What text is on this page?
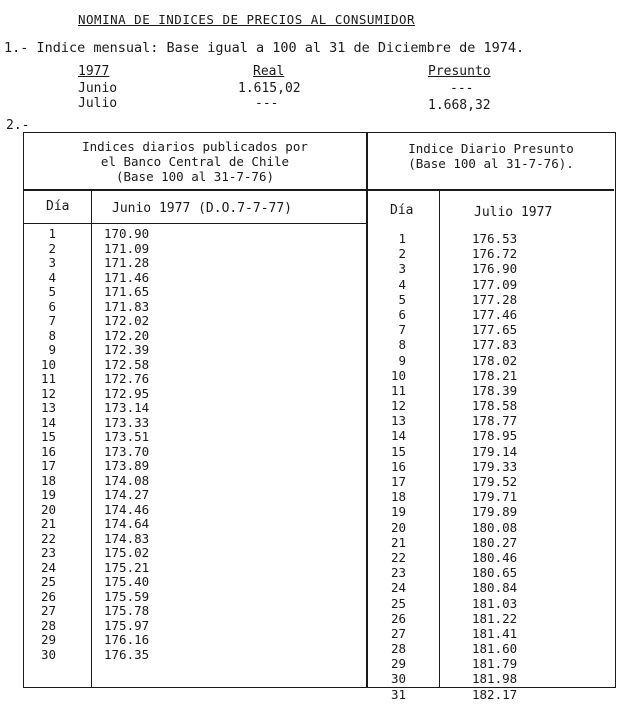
NOMINA DE INDICES DE PRECIOS AL CONSUMIDOR
1.- Indice mensual: Base igual a 100 al 31 de Diciembre de 1974.
1977	Real	Presunto
Junio	1.615,02	---
Julio	---	1.668,32
2.-
Indices diarios publicados por
el Banco Central de Chile
(Base 100 al 31-7-76)
Indice Diario Presunto
(Base 100 al 31-7-76).
Día	Junio 1977 (D.O.7-7-77)	Día	Julio 1977
1	170.90
2	171.09
3	171.28
4	171.46
5	171.65
6	171.83
7	172.02
8	172.20
9	172.39
10	172.58
11	172.76
12	172.95
13	173.14
14	173.33
15	173.51
16	173.70
17	173.89
18	174.08
19	174.27
20	174.46
21	174.64
22	174.83
23	175.02
24	175.21
25	175.40
26	175.59
27	175.78
28	175.97
29	176.16
30	176.35
1	176.53
2	176.72
3	176.90
4	177.09
5	177.28
6	177.46
7	177.65
8	177.83
9	178.02
10	178.21
11	178.39
12	178.58
13	178.77
14	178.95
15	179.14
16	179.33
17	179.52
18	179.71
19	179.89
20	180.08
21	180.27
22	180.46
23	180.65
24	180.84
25	181.03
26	181.22
27	181.41
28	181.60
29	181.79
30	181.98
31	182.17
